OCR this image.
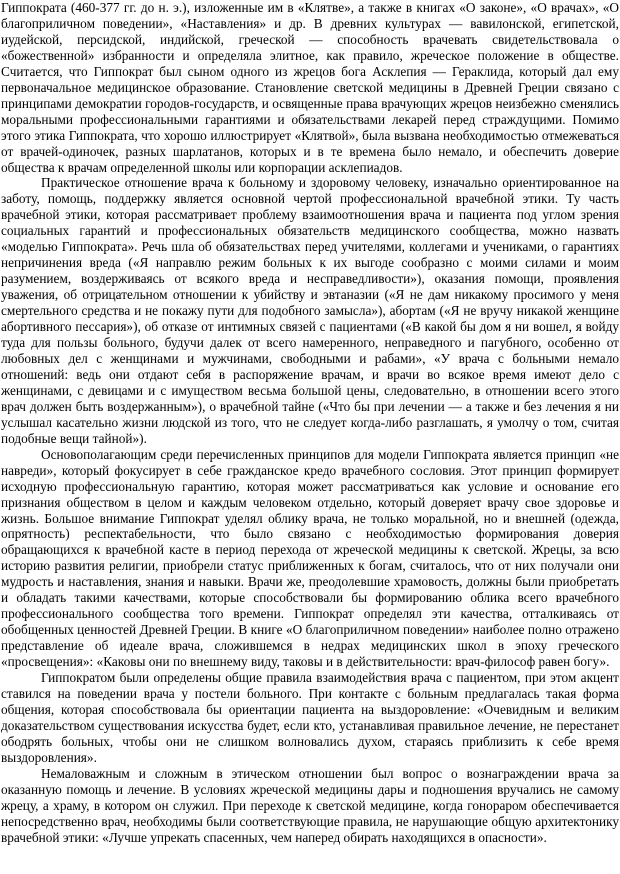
Гиппократа (460-377 гг. до н. э.), изложенные им в «Клятве», а также в книгах «О законе», «О врачах», «О благоприличном поведении», «Наставления» и др. В древних культурах — вавилонской, египетской, иудейской, персидской, индийской, греческой — способность врачевать свидетельствовала о «божественной» избранности и определяла элитное, как правило, жреческое положение в обществе. Считается, что Гиппократ был сыном одного из жрецов бога Асклепия — Гераклида, который дал ему первоначальное медицинское образование. Становление светской медицины в Древней Греции связано с принципами демократии городов-государств, и освященные права врачующих жрецов неизбежно сменялись моральными профессиональными гарантиями и обязательствами лекарей перед страждущими. Помимо этого этика Гиппократа, что хорошо иллюстрирует «Клятвой», была вызвана необходимостью отмежеваться от врачей-одиночек, разных шарлатанов, которых и в те времена было немало, и обеспечить доверие общества к врачам определенной школы или корпорации асклепиадов.

Практическое отношение врача к больному и здоровому человеку, изначально ориентированное на заботу, помощь, поддержку является основной чертой профессиональной врачебной этики. Ту часть врачебной этики, которая рассматривает проблему взаимоотношения врача и пациента под углом зрения социальных гарантий и профессиональных обязательств медицинского сообщества, можно назвать «моделью Гиппократа». Речь шла об обязательствах перед учителями, коллегами и учениками, о гарантиях непричинения вреда («Я направлю режим больных к их выгоде сообразно с моими силами и моим разумением, воздерживаясь от всякого вреда и несправедливости»), оказания помощи, проявления уважения, об отрицательном отношении к убийству и эвтаназии («Я не дам никакому просимого у меня смертельного средства и не покажу пути для подобного замысла»), абортам («Я не вручу никакой женщине абортивного пессария»), об отказе от интимных связей с пациентами («В какой бы дом я ни вошел, я войду туда для пользы больного, будучи далек от всего намеренного, неправедного и пагубного, особенно от любовных дел с женщинами и мужчинами, свободными и рабами», «У врача с больными немало отношений: ведь они отдают себя в распоряжение врачам, и врачи во всякое время имеют дело с женщинами, с девицами и с имуществом весьма большой цены, следовательно, в отношении всего этого врач должен быть воздержанным»), о врачебной тайне («Что бы при лечении — а также и без лечения я ни услышал касательно жизни людской из того, что не следует когда-либо разглашать, я умолчу о том, считая подобные вещи тайной»).

Основополагающим среди перечисленных принципов для модели Гиппократа является принцип «не навреди», который фокусирует в себе гражданское кредо врачебного сословия. Этот принцип формирует исходную профессиональную гарантию, которая может рассматриваться как условие и основание его признания обществом в целом и каждым человеком отдельно, который доверяет врачу свое здоровье и жизнь. Большое внимание Гиппократ уделял облику врача, не только моральной, но и внешней (одежда, опрятность) респектабельности, что было связано с необходимостью формирования доверия обращающихся к врачебной касте в период перехода от жреческой медицины к светской. Жрецы, за всю историю развития религии, приобрели статус приближенных к богам, считалось, что от них получали они мудрость и наставления, знания и навыки. Врачи же, преодолевшие храмовость, должны были приобретать и обладать такими качествами, которые способствовали бы формированию облика всего врачебного профессионального сообщества того времени. Гиппократ определял эти качества, отталкиваясь от обобщенных ценностей Древней Греции. В книге «О благоприличном поведении» наиболее полно отражено представление об идеале врача, сложившемся в недрах медицинских школ в эпоху греческого «просвещения»: «Каковы они по внешнему виду, таковы и в действительности: врач-философ равен богу».

Гиппократом были определены общие правила взаимодействия врача с пациентом, при этом акцент ставился на поведении врача у постели больного. При контакте с больным предлагалась такая форма общения, которая способствовала бы ориентации пациента на выздоровление: «Очевидным и великим доказательством существования искусства будет, если кто, устанавливая правильное лечение, не перестанет ободрять больных, чтобы они не слишком волновались духом, стараясь приблизить к себе время выздоровления».

Немаловажным и сложным в этическом отношении был вопрос о вознаграждении врача за оказанную помощь и лечение. В условиях жреческой медицины дары и подношения вручались не самому жрецу, а храму, в котором он служил. При переходе к светской медицине, когда гонораром обеспечивается непосредственно врач, необходимы были соответствующие правила, не нарушающие общую архитектонику врачебной этики: «Лучше упрекать спасенных, чем наперед обирать находящихся в опасности».
